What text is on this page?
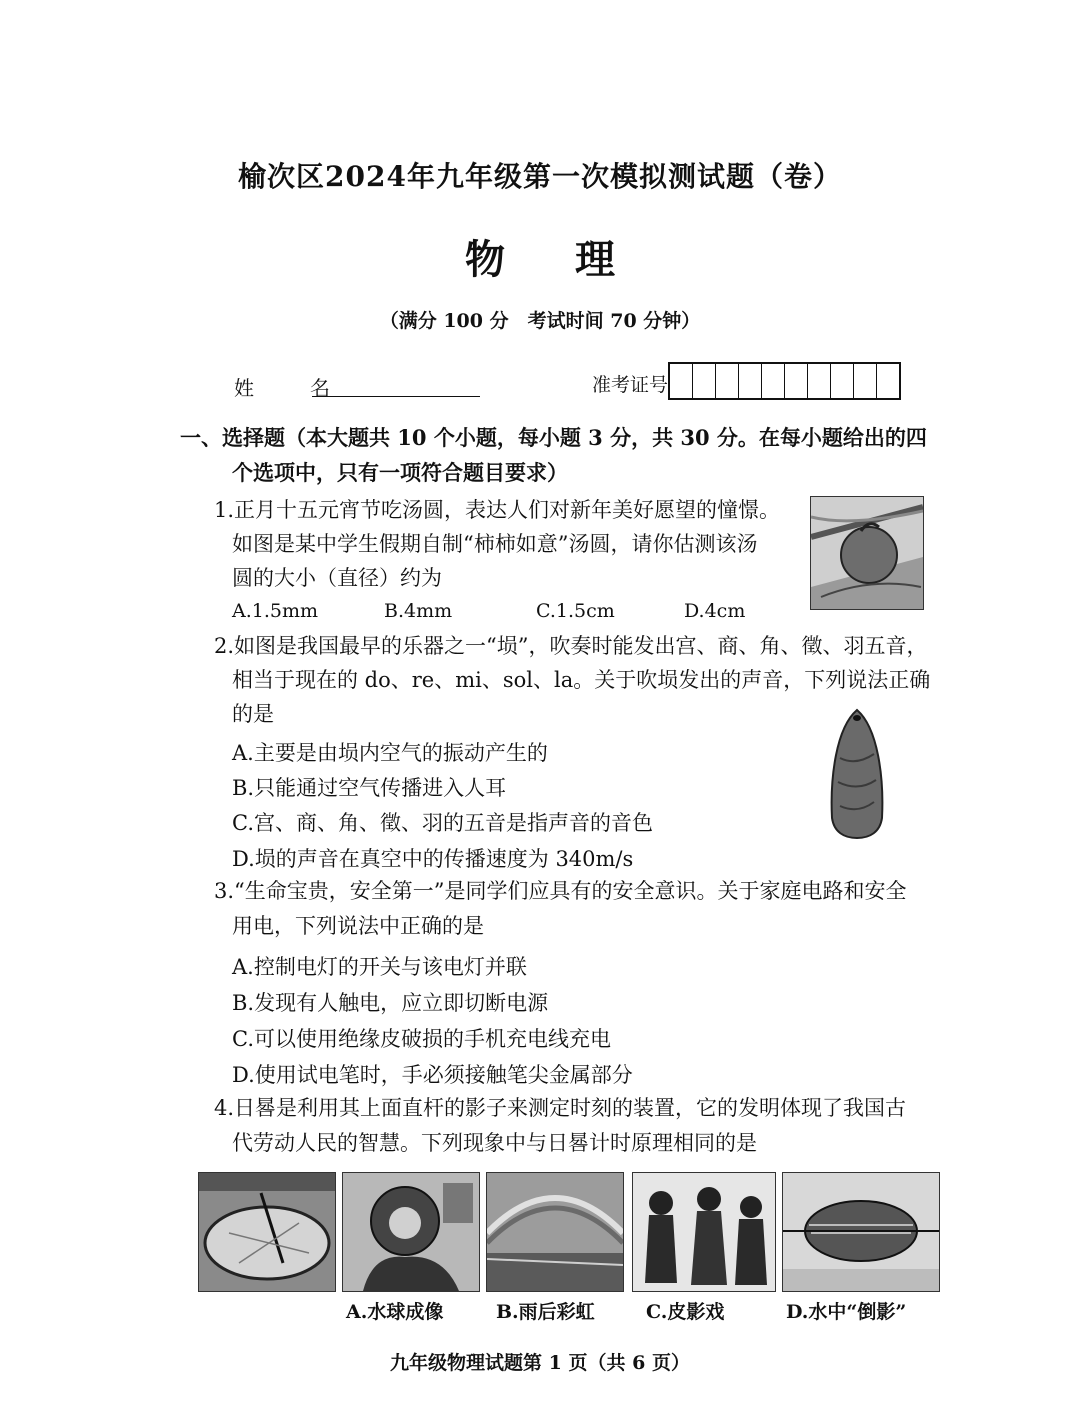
榆次区2024年九年级第一次模拟测试题（卷）
物 理
（满分 100 分　考试时间 70 分钟）
姓　名	准考证号
一、选择题（本大题共 10 个小题，每小题 3 分，共 30 分。在每小题给出的四
个选项中，只有一项符合题目要求）
1.正月十五元宵节吃汤圆，表达人们对新年美好愿望的憧憬。
如图是某中学生假期自制“柿柿如意”汤圆，请你估测该汤
圆的大小（直径）约为
A.1.5mm	B.4mm	C.1.5cm	D.4cm
2.如图是我国最早的乐器之一“埙”，吹奏时能发出宫、商、角、徵、羽五音，
相当于现在的 do、re、mi、sol、la。关于吹埙发出的声音，下列说法正确
的是
A.主要是由埙内空气的振动产生的
B.只能通过空气传播进入人耳
C.宫、商、角、徵、羽的五音是指声音的音色
D.埙的声音在真空中的传播速度为 340m/s
3.“生命宝贵，安全第一”是同学们应具有的安全意识。关于家庭电路和安全
用电，下列说法中正确的是
A.控制电灯的开关与该电灯并联
B.发现有人触电，应立即切断电源
C.可以使用绝缘皮破损的手机充电线充电
D.使用试电笔时，手必须接触笔尖金属部分
4.日晷是利用其上面直杆的影子来测定时刻的装置，它的发明体现了我国古
代劳动人民的智慧。下列现象中与日晷计时原理相同的是
A.水球成像	B.雨后彩虹	C.皮影戏	D.水中“倒影”
九年级物理试题第 1 页（共 6 页）
